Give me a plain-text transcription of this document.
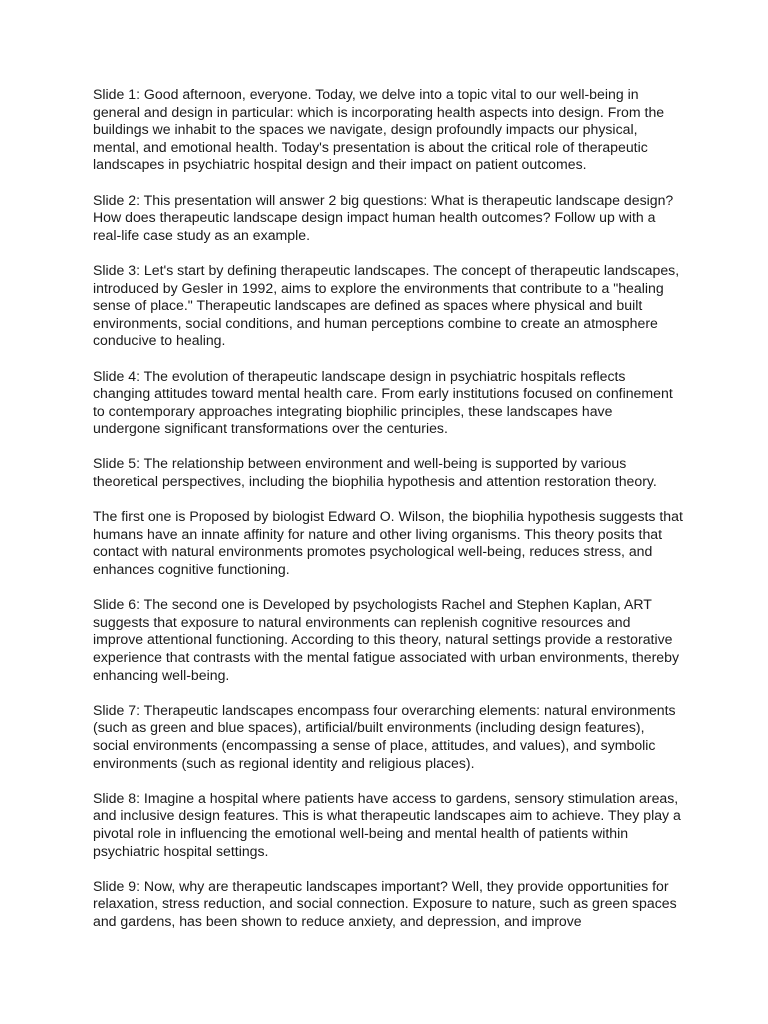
Slide 1: Good afternoon, everyone. Today, we delve into a topic vital to our well-being in general and design in particular: which is incorporating health aspects into design. From the buildings we inhabit to the spaces we navigate, design profoundly impacts our physical, mental, and emotional health. Today's presentation is about the critical role of therapeutic landscapes in psychiatric hospital design and their impact on patient outcomes.

Slide 2: This presentation will answer 2 big questions: What is therapeutic landscape design? How does therapeutic landscape design impact human health outcomes? Follow up with a real-life case study as an example.

Slide 3: Let's start by defining therapeutic landscapes. The concept of therapeutic landscapes, introduced by Gesler in 1992, aims to explore the environments that contribute to a "healing sense of place." Therapeutic landscapes are defined as spaces where physical and built environments, social conditions, and human perceptions combine to create an atmosphere conducive to healing.

Slide 4: The evolution of therapeutic landscape design in psychiatric hospitals reflects changing attitudes toward mental health care. From early institutions focused on confinement to contemporary approaches integrating biophilic principles, these landscapes have undergone significant transformations over the centuries.

Slide 5: The relationship between environment and well-being is supported by various theoretical perspectives, including the biophilia hypothesis and attention restoration theory.

The first one is Proposed by biologist Edward O. Wilson, the biophilia hypothesis suggests that humans have an innate affinity for nature and other living organisms. This theory posits that contact with natural environments promotes psychological well-being, reduces stress, and enhances cognitive functioning.

Slide 6: The second one is Developed by psychologists Rachel and Stephen Kaplan, ART suggests that exposure to natural environments can replenish cognitive resources and improve attentional functioning. According to this theory, natural settings provide a restorative experience that contrasts with the mental fatigue associated with urban environments, thereby enhancing well-being.

Slide 7: Therapeutic landscapes encompass four overarching elements: natural environments (such as green and blue spaces), artificial/built environments (including design features), social environments (encompassing a sense of place, attitudes, and values), and symbolic environments (such as regional identity and religious places).

Slide 8: Imagine a hospital where patients have access to gardens, sensory stimulation areas, and inclusive design features. This is what therapeutic landscapes aim to achieve. They play a pivotal role in influencing the emotional well-being and mental health of patients within psychiatric hospital settings.

Slide 9: Now, why are therapeutic landscapes important? Well, they provide opportunities for relaxation, stress reduction, and social connection. Exposure to nature, such as green spaces and gardens, has been shown to reduce anxiety, and depression, and improve
